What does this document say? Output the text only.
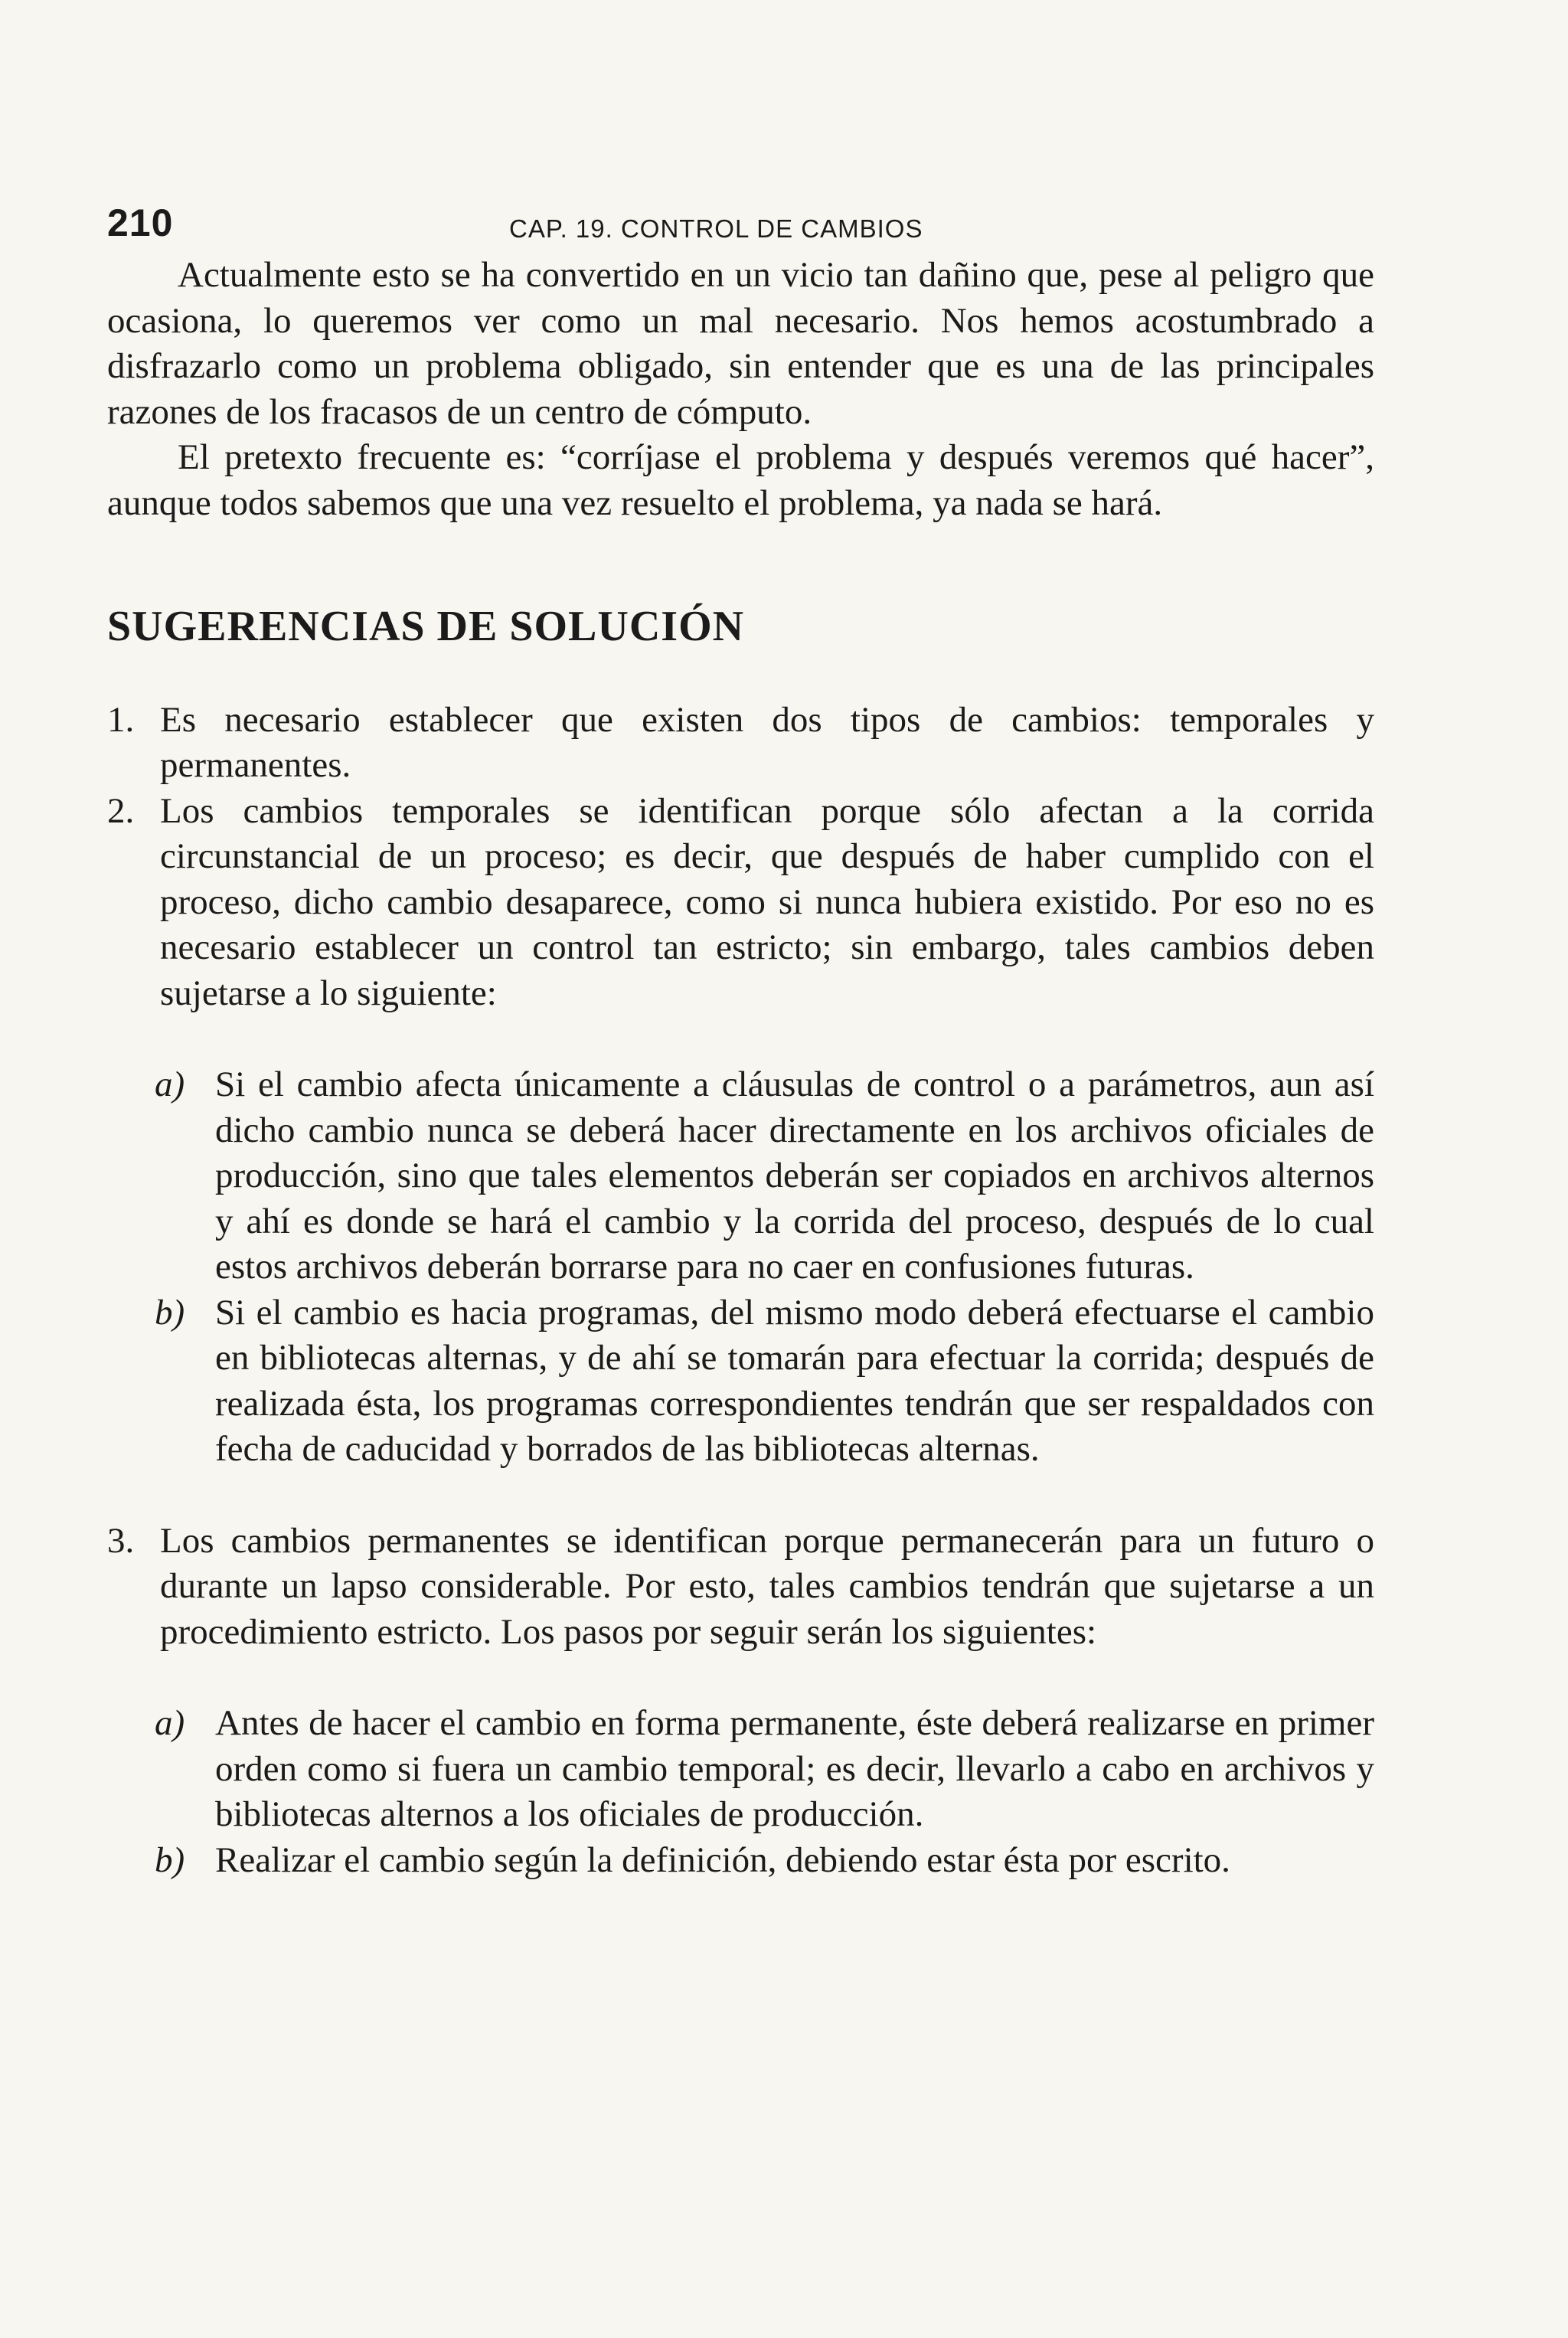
210	CAP. 19. CONTROL DE CAMBIOS

Actualmente esto se ha convertido en un vicio tan dañino que, pese al peligro que ocasiona, lo queremos ver como un mal necesario. Nos hemos acostumbrado a disfrazarlo como un problema obligado, sin entender que es una de las principales razones de los fracasos de un centro de cómputo.

El pretexto frecuente es: “corríjase el problema y después veremos qué hacer”, aunque todos sabemos que una vez resuelto el problema, ya nada se hará.

SUGERENCIAS DE SOLUCIÓN
1. Es necesario establecer que existen dos tipos de cambios: temporales y permanentes.
2. Los cambios temporales se identifican porque sólo afectan a la corrida circunstancial de un proceso; es decir, que después de haber cumplido con el proceso, dicho cambio desaparece, como si nunca hubiera existido. Por eso no es necesario establecer un control tan estricto; sin embargo, tales cambios deben sujetarse a lo siguiente:
a) Si el cambio afecta únicamente a cláusulas de control o a parámetros, aun así dicho cambio nunca se deberá hacer directamente en los archivos oficiales de producción, sino que tales elementos deberán ser copiados en archivos alternos y ahí es donde se hará el cambio y la corrida del proceso, después de lo cual estos archivos deberán borrarse para no caer en confusiones futuras.
b) Si el cambio es hacia programas, del mismo modo deberá efectuarse el cambio en bibliotecas alternas, y de ahí se tomarán para efectuar la corrida; después de realizada ésta, los programas correspondientes tendrán que ser respaldados con fecha de caducidad y borrados de las bibliotecas alternas.
3. Los cambios permanentes se identifican porque permanecerán para un futuro o durante un lapso considerable. Por esto, tales cambios tendrán que sujetarse a un procedimiento estricto. Los pasos por seguir serán los siguientes:
a) Antes de hacer el cambio en forma permanente, éste deberá realizarse en primer orden como si fuera un cambio temporal; es decir, llevarlo a cabo en archivos y bibliotecas alternos a los oficiales de producción.
b) Realizar el cambio según la definición, debiendo estar ésta por escrito.
